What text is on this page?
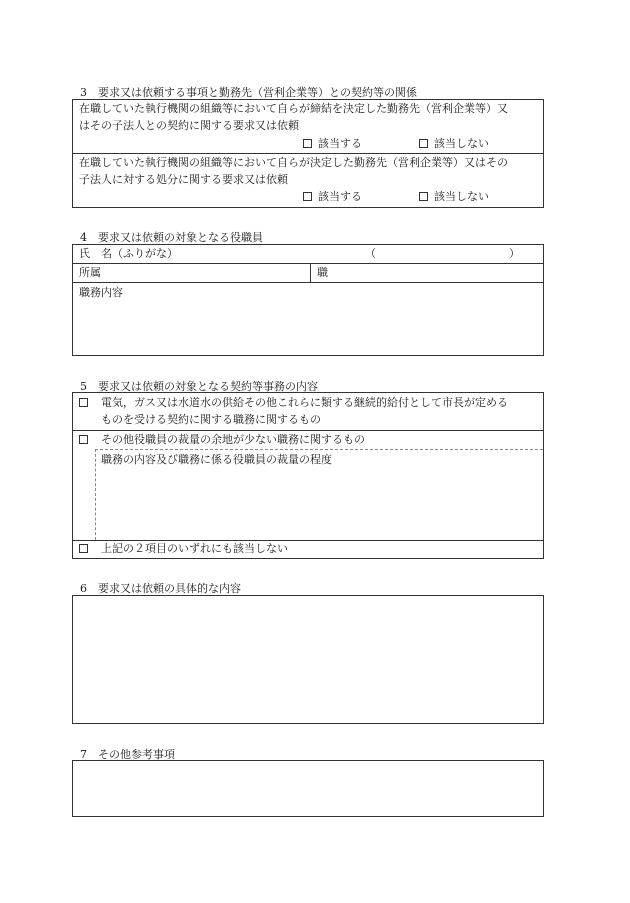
3 要求又は依頼する事項と勤務先（営利企業等）との契約等の関係
在職していた執行機関の組織等において自らが締結を決定した勤務先（営利企業等）又
はその子法人との契約に関する要求又は依頼
該当する	該当しない
在職していた執行機関の組織等において自らが決定した勤務先（営利企業等）又はその
子法人に対する処分に関する要求又は依頼
該当する	該当しない
4 要求又は依頼の対象となる役職員
氏　名（ふりがな）	（	）
所属	職
職務内容
5 要求又は依頼の対象となる契約等事務の内容
電気，ガス又は水道水の供給その他これらに類する継続的給付として市長が定める
ものを受ける契約に関する職務に関するもの
その他役職員の裁量の余地が少ない職務に関するもの
職務の内容及び職務に係る役職員の裁量の程度
上記の２項目のいずれにも該当しない
6 要求又は依頼の具体的な内容
7 その他参考事項
